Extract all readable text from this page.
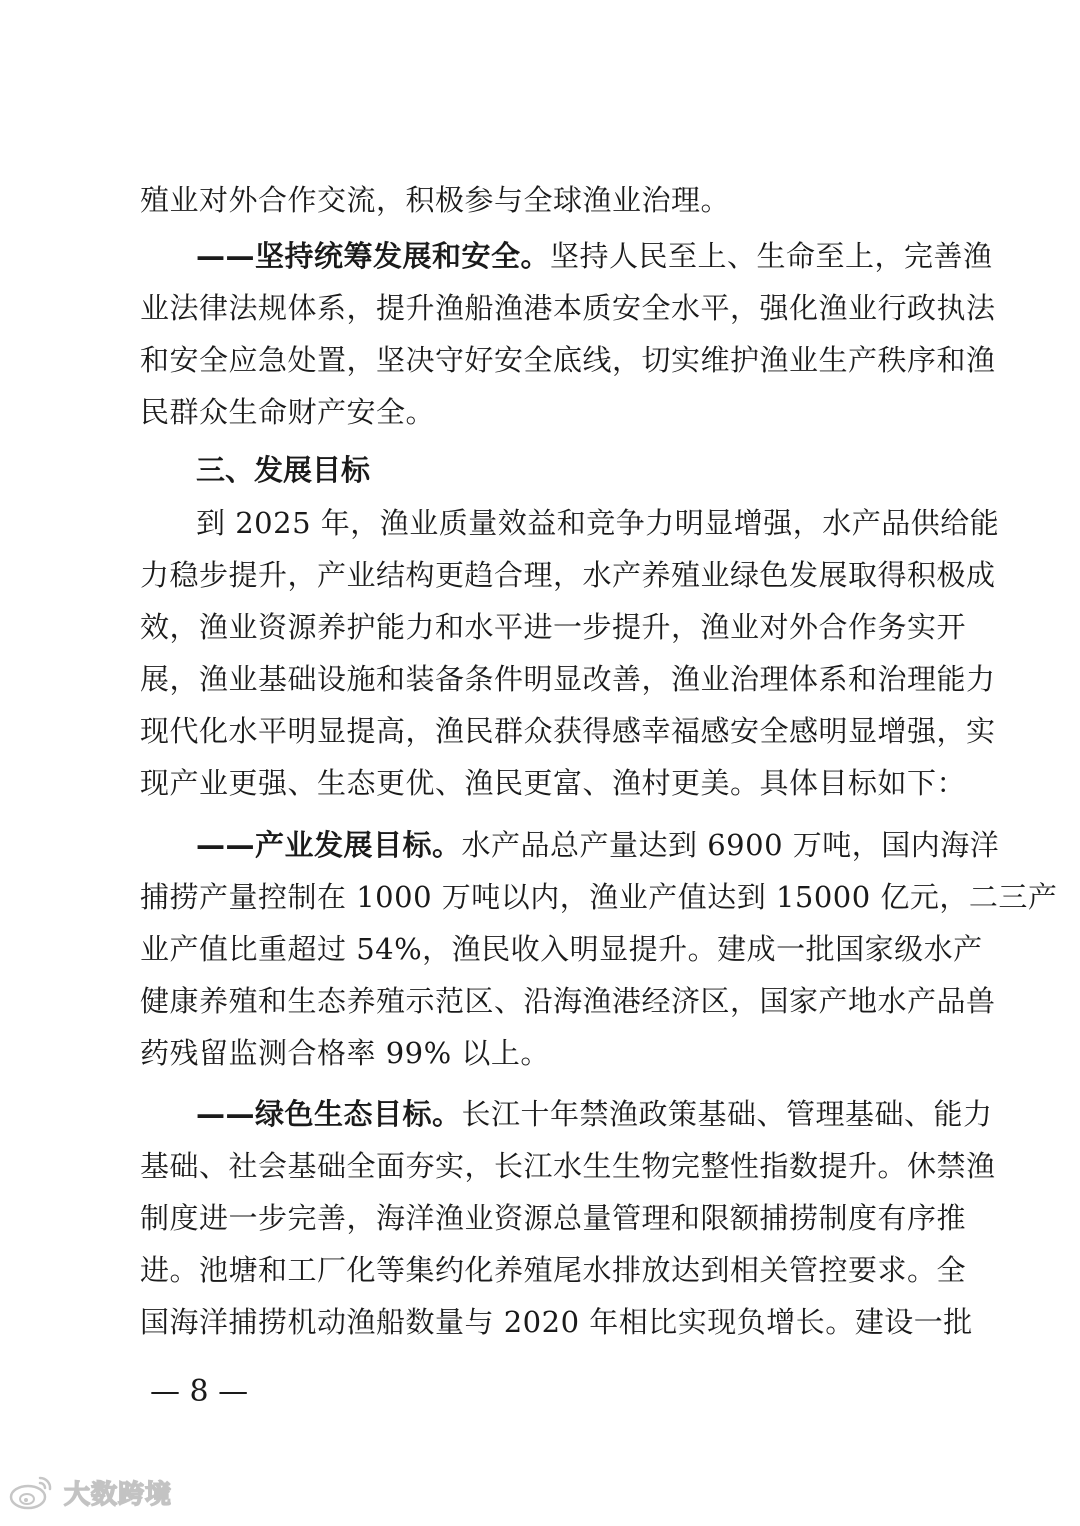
殖业对外合作交流，积极参与全球渔业治理。
——坚持统筹发展和安全。坚持人民至上、生命至上，完善渔
业法律法规体系，提升渔船渔港本质安全水平，强化渔业行政执法
和安全应急处置，坚决守好安全底线，切实维护渔业生产秩序和渔
民群众生命财产安全。
三、发展目标
到 2025 年，渔业质量效益和竞争力明显增强，水产品供给能
力稳步提升，产业结构更趋合理，水产养殖业绿色发展取得积极成
效，渔业资源养护能力和水平进一步提升，渔业对外合作务实开
展，渔业基础设施和装备条件明显改善，渔业治理体系和治理能力
现代化水平明显提高，渔民群众获得感幸福感安全感明显增强，实
现产业更强、生态更优、渔民更富、渔村更美。具体目标如下：
——产业发展目标。水产品总产量达到 6900 万吨，国内海洋
捕捞产量控制在 1000 万吨以内，渔业产值达到 15000 亿元，二三产
业产值比重超过 54%，渔民收入明显提升。建成一批国家级水产
健康养殖和生态养殖示范区、沿海渔港经济区，国家产地水产品兽
药残留监测合格率 99% 以上。
——绿色生态目标。长江十年禁渔政策基础、管理基础、能力
基础、社会基础全面夯实，长江水生生物完整性指数提升。休禁渔
制度进一步完善，海洋渔业资源总量管理和限额捕捞制度有序推
进。池塘和工厂化等集约化养殖尾水排放达到相关管控要求。全
国海洋捕捞机动渔船数量与 2020 年相比实现负增长。建设一批
— 8 —
大数跨境
